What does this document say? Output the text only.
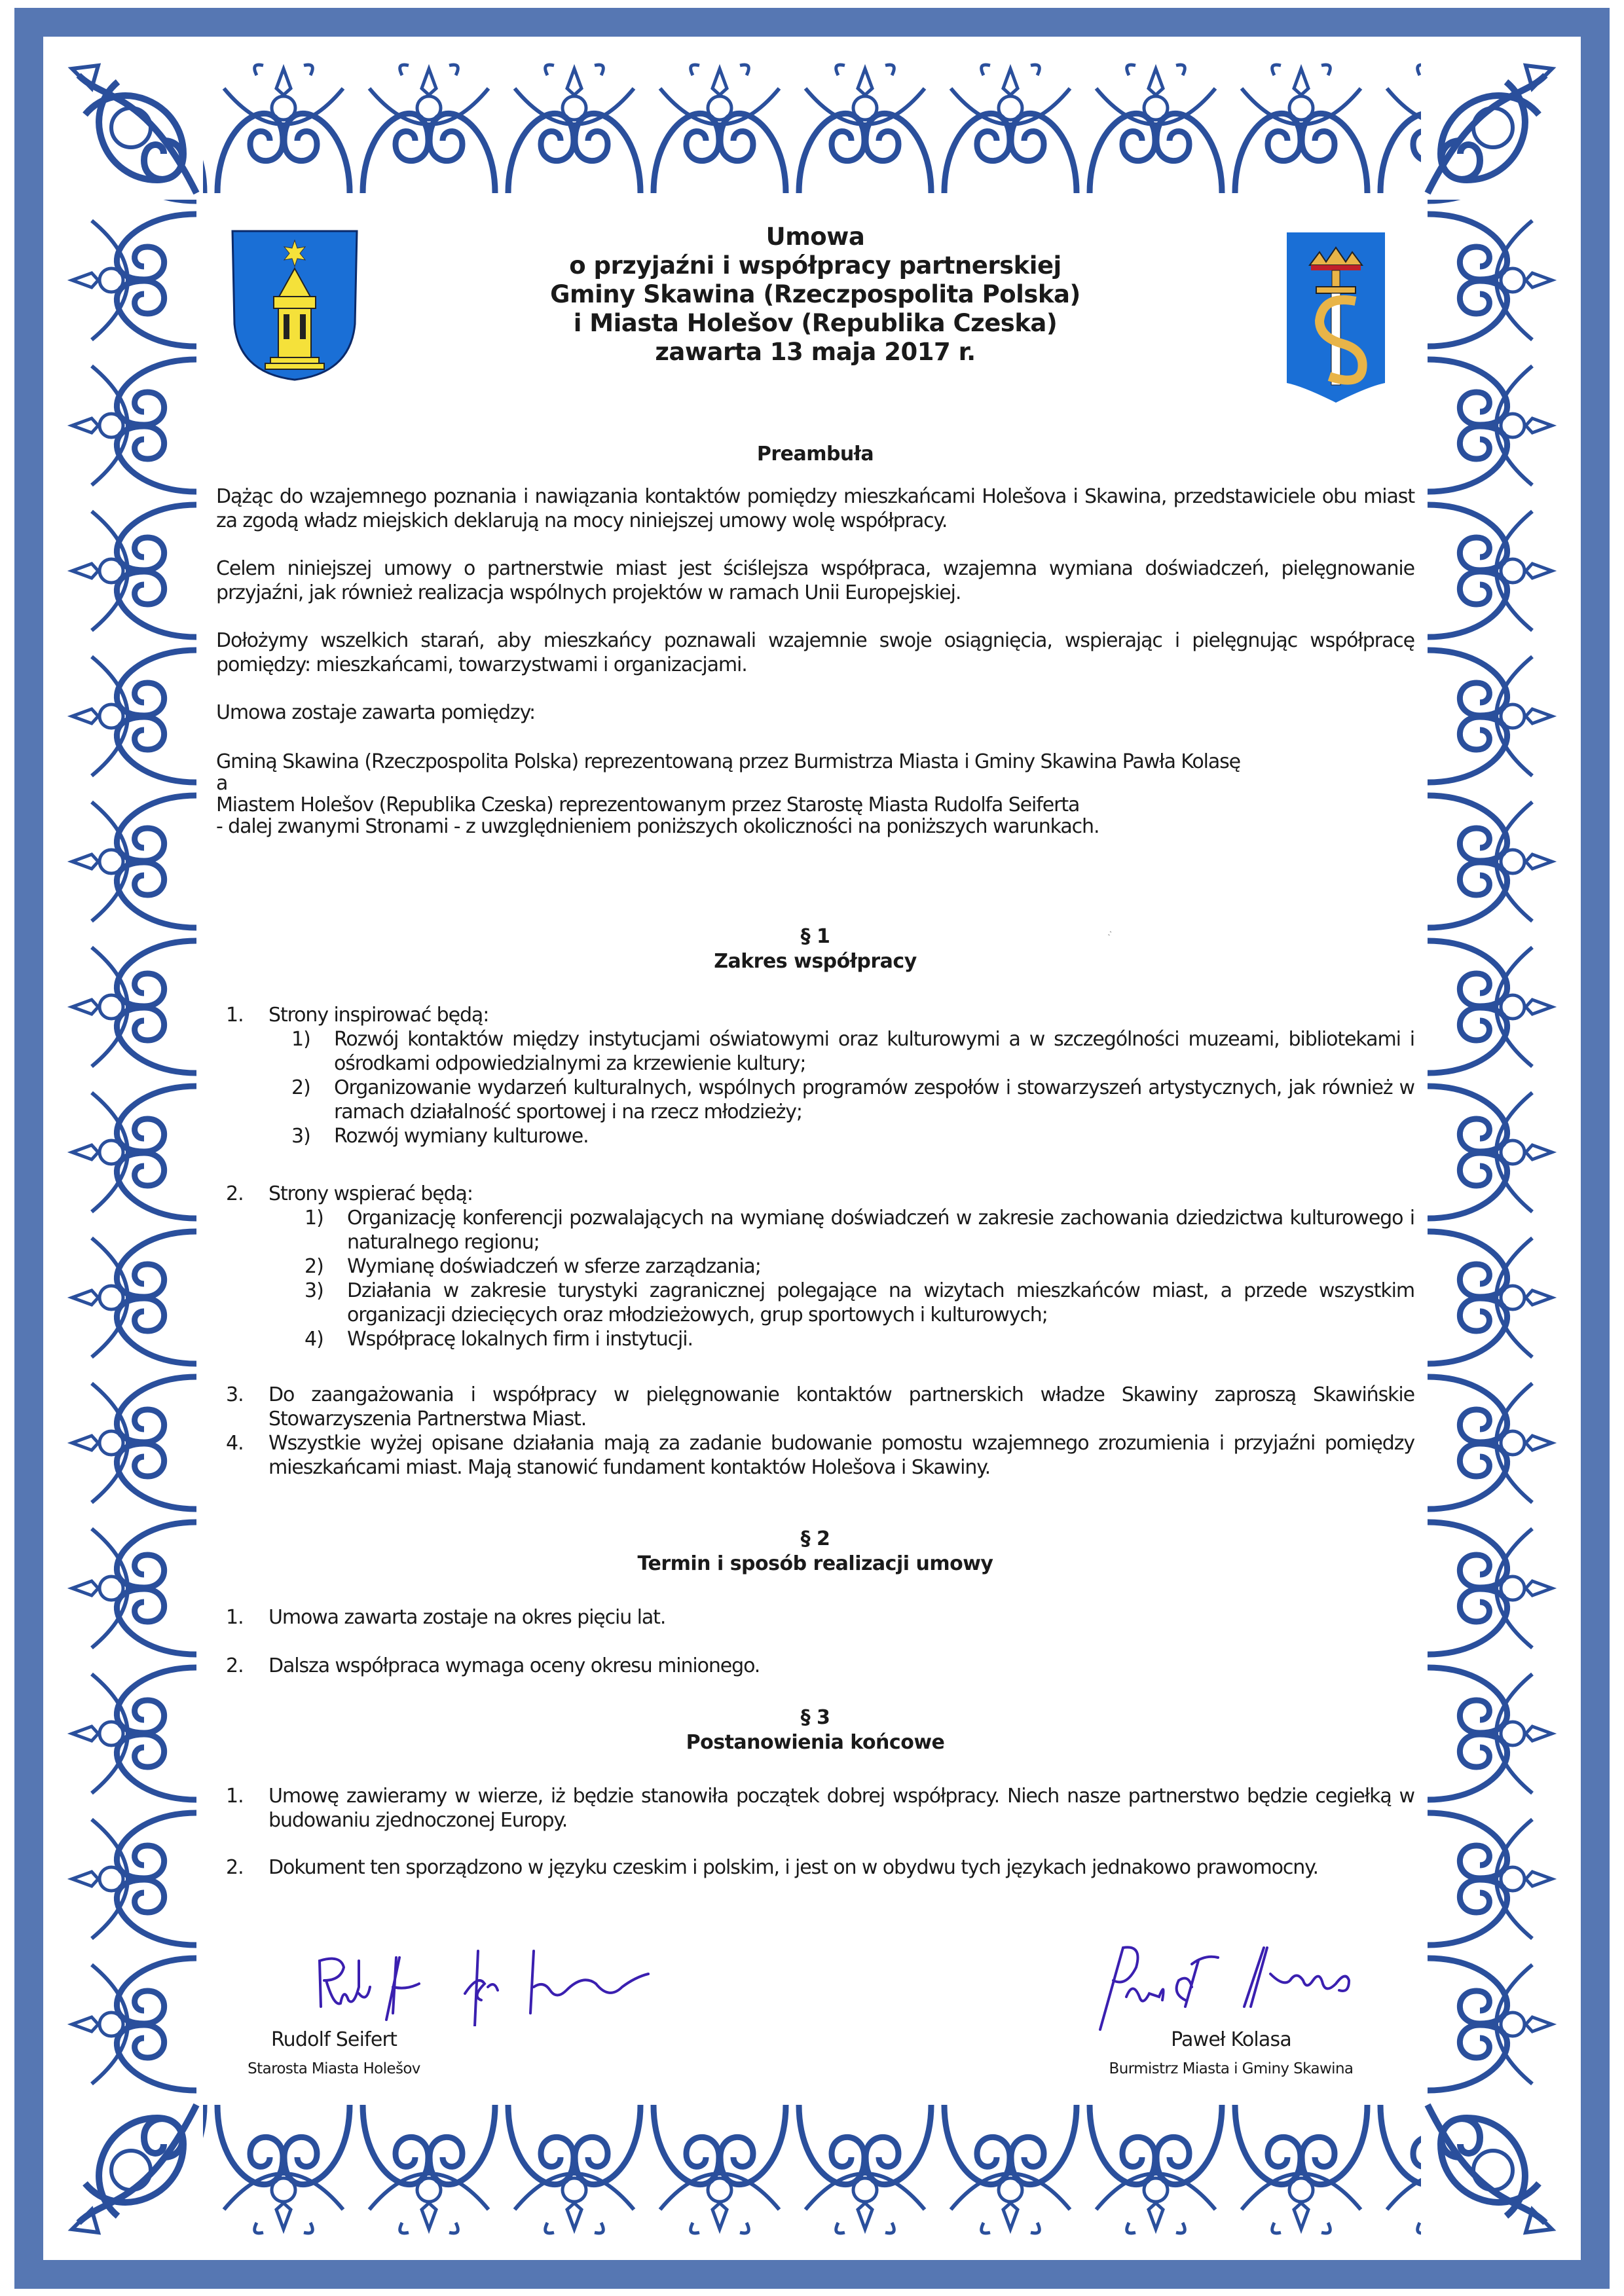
Umowa
o przyjaźni i współpracy partnerskiej
Gminy Skawina (Rzeczpospolita Polska)
i Miasta Holešov (Republika Czeska)
zawarta 13 maja 2017 r.
Preambuła
Dążąc do wzajemnego poznania i nawiązania kontaktów pomiędzy mieszkańcami Holešova i Skawina, przedstawiciele obu miast za zgodą władz miejskich deklarują na mocy niniejszej umowy wolę współpracy.
Celem niniejszej umowy o partnerstwie miast jest ściślejsza współpraca, wzajemna wymiana doświadczeń, pielęgnowanie przyjaźni, jak również realizacja wspólnych projektów w ramach Unii Europejskiej.
Dołożymy wszelkich starań, aby mieszkańcy poznawali wzajemnie swoje osiągnięcia, wspierając i pielęgnując współpracę pomiędzy: mieszkańcami, towarzystwami i organizacjami.
Umowa zostaje zawarta pomiędzy:
Gminą Skawina (Rzeczpospolita Polska) reprezentowaną przez Burmistrza Miasta i Gminy Skawina Pawła Kolasę
a
Miastem Holešov (Republika Czeska) reprezentowanym przez Starostę Miasta Rudolfa Seiferta
- dalej zwanymi Stronami - z uwzględnieniem poniższych okoliczności na poniższych warunkach.
᾿᾿
§ 1
Zakres współpracy
1. Strony inspirować będą:
1) Rozwój kontaktów między instytucjami oświatowymi oraz kulturowymi a w szczególności muzeami, bibliotekami i ośrodkami odpowiedzialnymi za krzewienie kultury;
2) Organizowanie wydarzeń kulturalnych, wspólnych programów zespołów i stowarzyszeń artystycznych, jak również w ramach działalność sportowej i na rzecz młodzieży;
3) Rozwój wymiany kulturowe.
2. Strony wspierać będą:
1) Organizację konferencji pozwalających na wymianę doświadczeń w zakresie zachowania dziedzictwa kulturowego i naturalnego regionu;
2) Wymianę doświadczeń w sferze zarządzania;
3) Działania w zakresie turystyki zagranicznej polegające na wizytach mieszkańców miast, a przede wszystkim organizacji dziecięcych oraz młodzieżowych, grup sportowych i kulturowych;
4) Współpracę lokalnych firm i instytucji.
3. Do zaangażowania i współpracy w pielęgnowanie kontaktów partnerskich władze Skawiny zaproszą Skawińskie Stowarzyszenia Partnerstwa Miast.
4. Wszystkie wyżej opisane działania mają za zadanie budowanie pomostu wzajemnego zrozumienia i przyjaźni pomiędzy mieszkańcami miast. Mają stanowić fundament kontaktów Holešova i Skawiny.
§ 2
Termin i sposób realizacji umowy
1. Umowa zawarta zostaje na okres pięciu lat.
2. Dalsza współpraca wymaga oceny okresu minionego.
§ 3
Postanowienia końcowe
1. Umowę zawieramy w wierze, iż będzie stanowiła początek dobrej współpracy. Niech nasze partnerstwo będzie cegiełką w budowaniu zjednoczonej Europy.
2. Dokument ten sporządzono w języku czeskim i polskim, i jest on w obydwu tych językach jednakowo prawomocny.
Rudolf Seifert
Starosta Miasta Holešov
Paweł Kolasa
Burmistrz Miasta i Gminy Skawina
